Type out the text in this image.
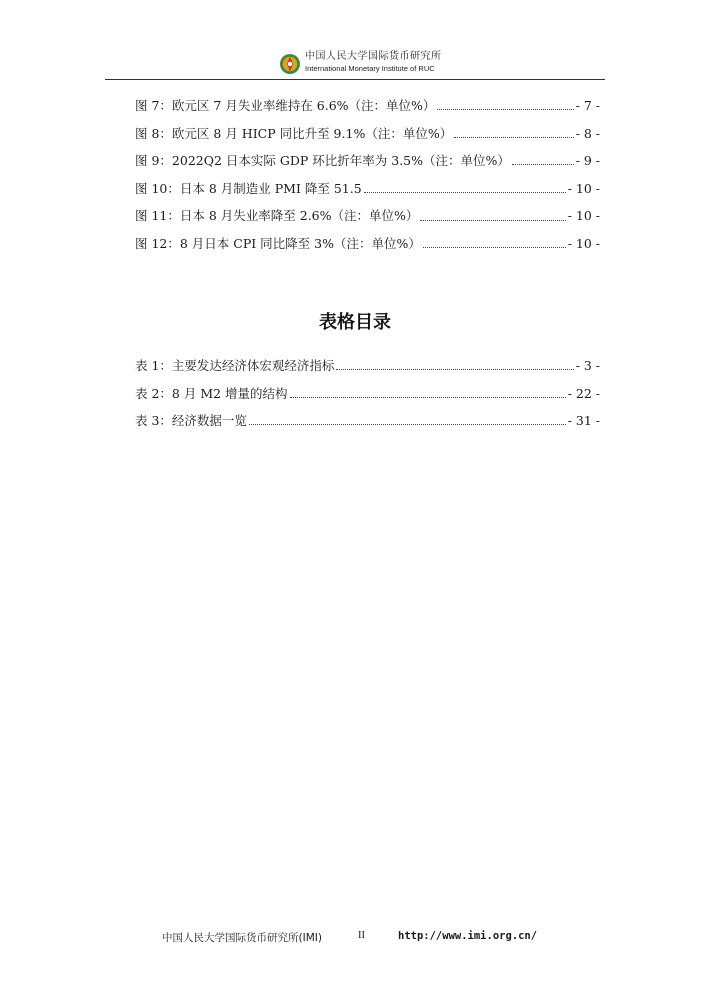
中国人民大学国际货币研究所
International Monetary Institute of RUC
图 7：欧元区 7 月失业率维持在 6.6%（注：单位%）	- 7 -
图 8：欧元区 8 月 HICP 同比升至 9.1%（注：单位%）	- 8 -
图 9：2022Q2 日本实际 GDP 环比折年率为 3.5%（注：单位%）	- 9 -
图 10：日本 8 月制造业 PMI 降至 51.5	- 10 -
图 11：日本 8 月失业率降至 2.6%（注：单位%）	- 10 -
图 12：8 月日本 CPI 同比降至 3%（注：单位%）	- 10 -
表格目录
表 1：主要发达经济体宏观经济指标	- 3 -
表 2：8 月 M2 增量的结构	- 22 -
表 3：经济数据一览	- 31 -
中国人民大学国际货币研究所(IMI)	II	http://www.imi.org.cn/
